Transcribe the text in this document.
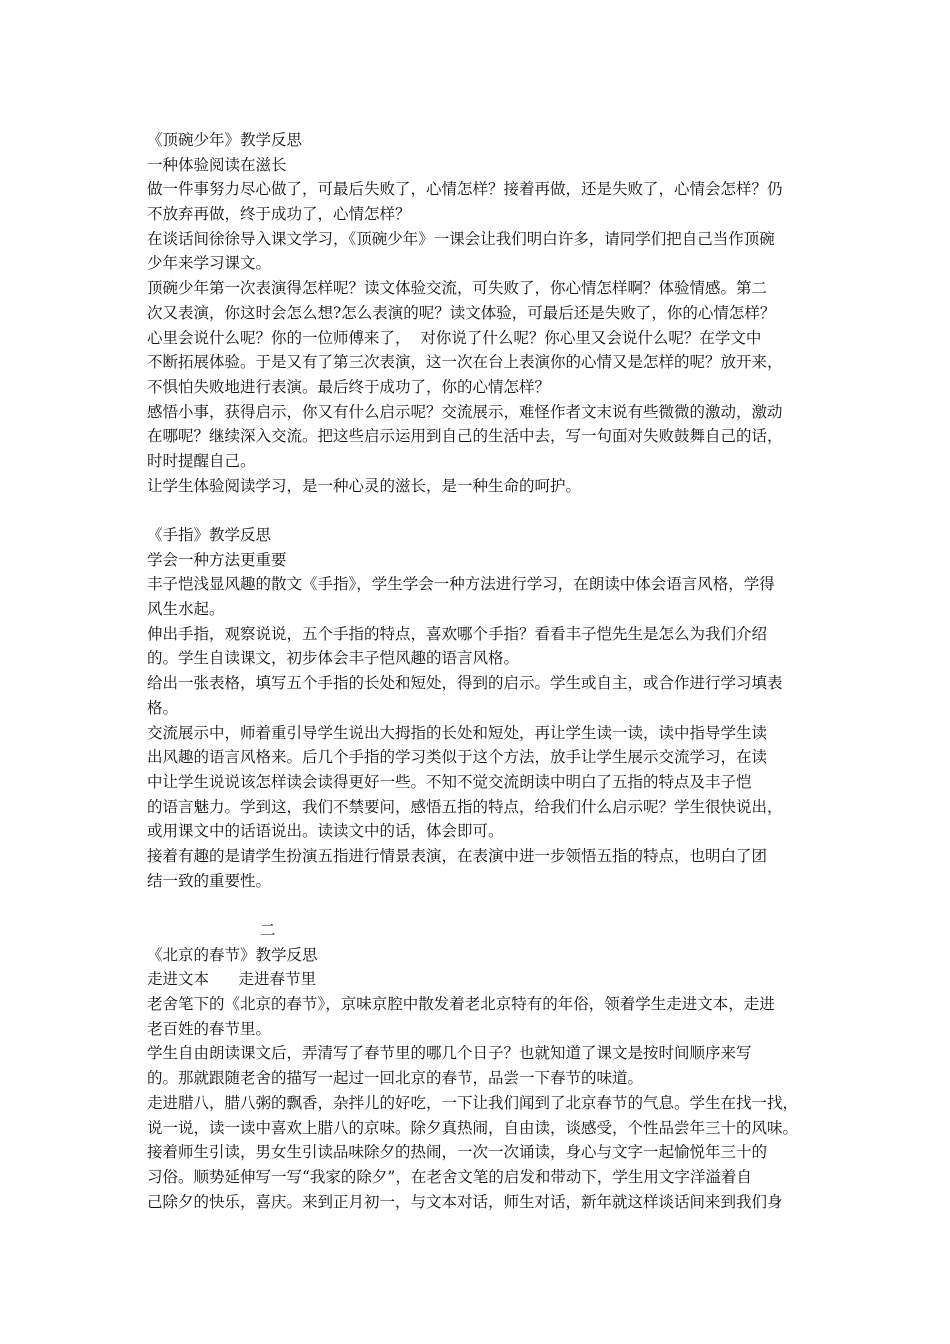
《顶碗少年》教学反思
一种体验阅读在滋长
做一件事努力尽心做了，可最后失败了，心情怎样？接着再做，还是失败了，心情会怎样？仍
不放弃再做，终于成功了，心情怎样？
在谈话间徐徐导入课文学习，《顶碗少年》一课会让我们明白许多，请同学们把自己当作顶碗
少年来学习课文。
顶碗少年第一次表演得怎样呢？读文体验交流，可失败了，你心情怎样啊？体验情感。第二
次又表演，你这时会怎么想?怎么表演的呢？读文体验，可最后还是失败了，你的心情怎样？
心里会说什么呢？你的一位师傅来了，  对你说了什么呢？你心里又会说什么呢？在学文中
不断拓展体验。于是又有了第三次表演，这一次在台上表演你的心情又是怎样的呢？放开来，
不惧怕失败地进行表演。最后终于成功了，你的心情怎样？
感悟小事，获得启示，你又有什么启示呢？交流展示，难怪作者文末说有些微微的激动，激动
在哪呢？继续深入交流。把这些启示运用到自己的生活中去，写一句面对失败鼓舞自己的话，
时时提醒自己。
让学生体验阅读学习，是一种心灵的滋长，是一种生命的呵护。
《手指》教学反思
学会一种方法更重要
丰子恺浅显风趣的散文《手指》，学生学会一种方法进行学习，在朗读中体会语言风格，学得
风生水起。
伸出手指，观察说说，五个手指的特点，喜欢哪个手指？看看丰子恺先生是怎么为我们介绍
的。学生自读课文，初步体会丰子恺风趣的语言风格。
给出一张表格，填写五个手指的长处和短处，得到的启示。学生或自主，或合作进行学习填表
格。
交流展示中，师着重引导学生说出大拇指的长处和短处，再让学生读一读，读中指导学生读
出风趣的语言风格来。后几个手指的学习类似于这个方法，放手让学生展示交流学习，在读
中让学生说说该怎样读会读得更好一些。不知不觉交流朗读中明白了五指的特点及丰子恺
的语言魅力。学到这，我们不禁要问，感悟五指的特点，给我们什么启示呢？学生很快说出，
或用课文中的话语说出。读读文中的话，体会即可。
接着有趣的是请学生扮演五指进行情景表演，在表演中进一步领悟五指的特点，也明白了团
结一致的重要性。
二
《北京的春节》教学反思
走进文本      走进春节里
老舍笔下的《北京的春节》，京味京腔中散发着老北京特有的年俗，领着学生走进文本，走进
老百姓的春节里。
学生自由朗读课文后，弄清写了春节里的哪几个日子？也就知道了课文是按时间顺序来写
的。那就跟随老舍的描写一起过一回北京的春节，品尝一下春节的味道。
走进腊八，腊八粥的飘香，杂拌儿的好吃，一下让我们闻到了北京春节的气息。学生在找一找，
说一说，读一读中喜欢上腊八的京味。除夕真热闹，自由读，谈感受，个性品尝年三十的风味。
接着师生引读，男女生引读品味除夕的热闹，一次一次诵读，身心与文字一起愉悦年三十的
习俗。顺势延伸写一写“我家的除夕”，在老舍文笔的启发和带动下，学生用文字洋溢着自
己除夕的快乐，喜庆。来到正月初一，与文本对话，师生对话，新年就这样谈话间来到我们身
